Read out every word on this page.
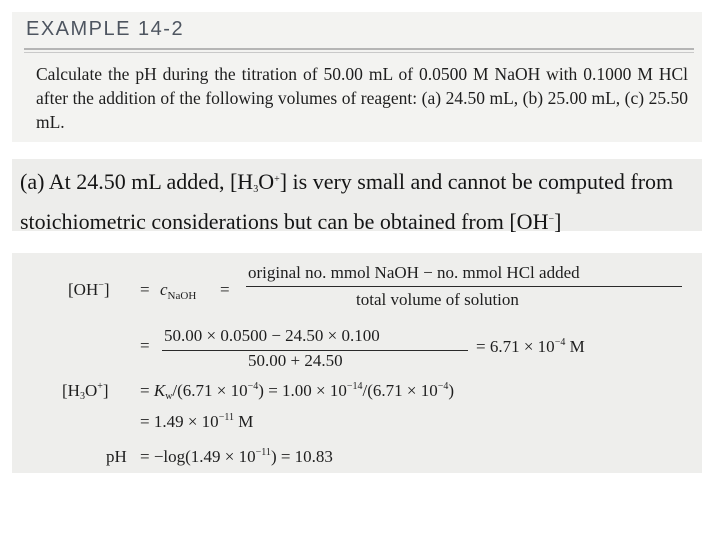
EXAMPLE 14-2
Calculate the pH during the titration of 50.00 mL of 0.0500 M NaOH with 0.1000 M HCl after the addition of the following volumes of reagent: (a) 24.50 mL, (b) 25.00 mL, (c) 25.50 mL.
(a) At 24.50 mL added, $[H_3O^+]$ is very small and cannot be computed from stoichiometric considerations but can be obtained from [OH−]
$[OH^-] = c_{NaOH}$ =
original no. mmol NaOH − no. mmol HCl added
total volume of solution
=
50.00 × 0.0500 − 24.50 × 0.100
50.00 + 24.50
= $6.71 \times 10^{-4}$ M
$[H_3O^+] = K_w/(6.71 \times 10^{-4}) = 1.00 \times 10^{-14}/(6.71 \times 10^{-4})$
= $1.49 \times 10^{-11}$ M
pH = $-\log(1.49 \times 10^{-11}) = 10.83$
